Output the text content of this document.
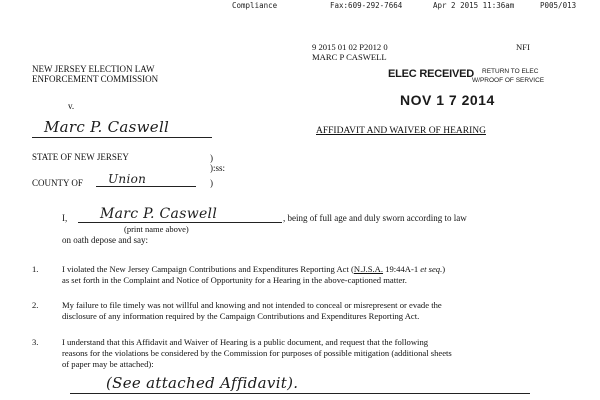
Compliance	Fax:609-292-7664	Apr 2 2015 11:36am	P005/013
NEW JERSEY ELECTION LAW
ENFORCEMENT COMMISSION
9 2015 01 02 P2012 0
MARC P CASWELL
NFI
ELEC RECEIVED RETURN TO ELEC
W/PROOF OF SERVICE
NOV 1 7 2014
v.
Marc P. Caswell	AFFIDAVIT AND WAIVER OF HEARING
STATE OF NEW JERSEY	)
):ss:
COUNTY OF Union	)
I, Marc P. Caswell	, being of full age and duly sworn according to law
(print name above)
on oath depose and say:
1.	I violated the New Jersey Campaign Contributions and Expenditures Reporting Act (N.J.S.A. 19:44A-1 et seq.)
as set forth in the Complaint and Notice of Opportunity for a Hearing in the above-captioned matter.
2.	My failure to file timely was not willful and knowing and not intended to conceal or misrepresent or evade the
disclosure of any information required by the Campaign Contributions and Expenditures Reporting Act.
3.	I understand that this Affidavit and Waiver of Hearing is a public document, and request that the following
reasons for the violations be considered by the Commission for purposes of possible mitigation (additional sheets
of paper may be attached):
(See attached Affidavit).
